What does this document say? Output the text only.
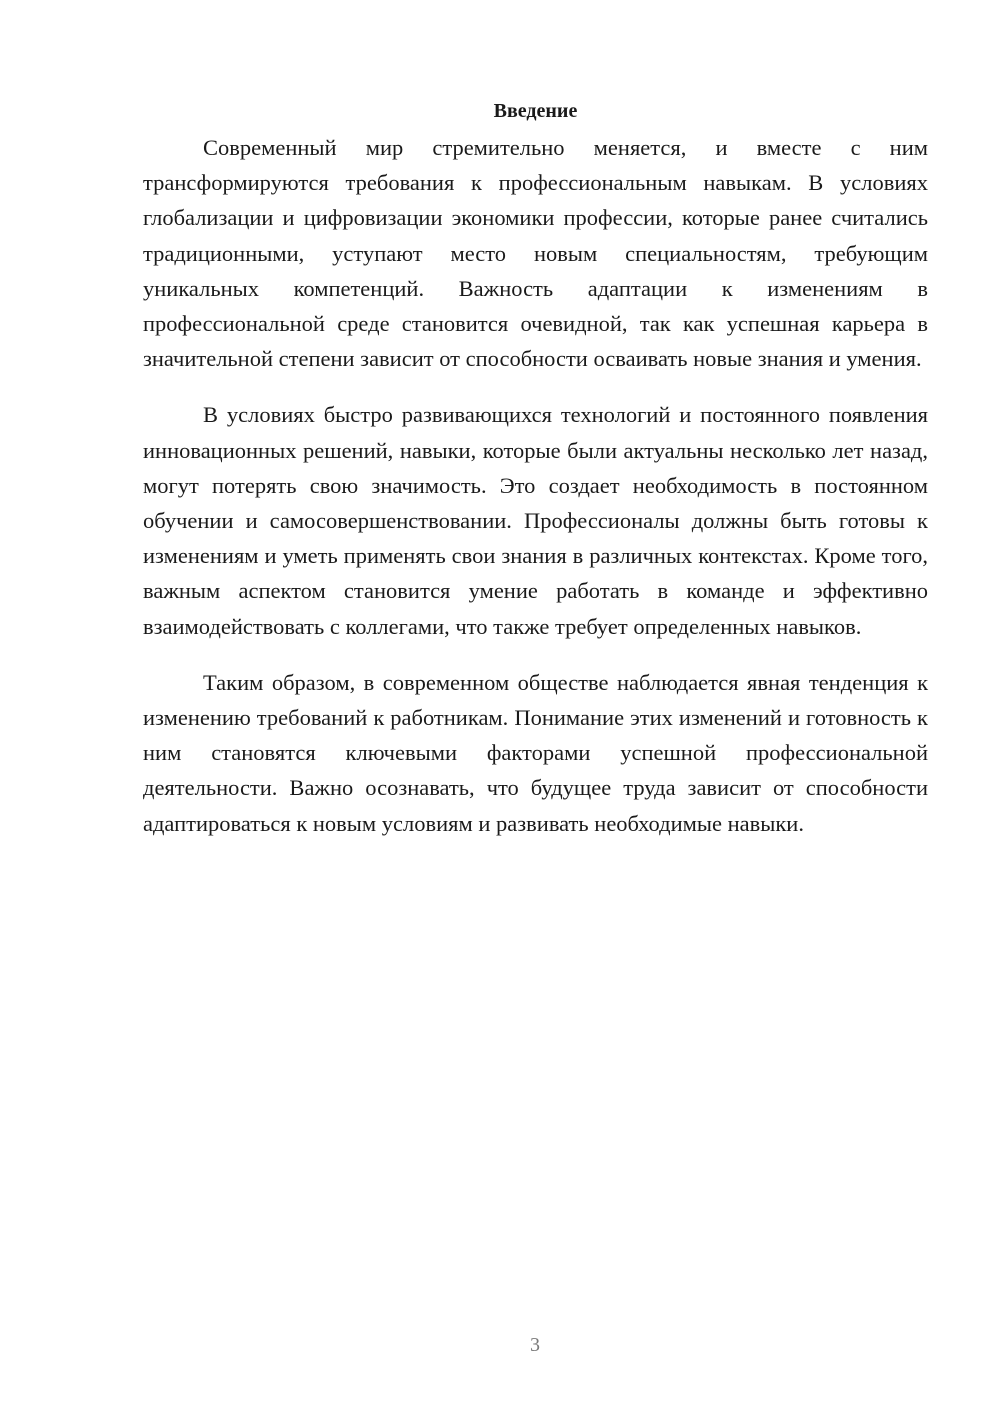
Введение

Современный мир стремительно меняется, и вместе с ним трансформируются требования к профессиональным навыкам. В условиях глобализации и цифровизации экономики профессии, которые ранее считались традиционными, уступают место новым специальностям, требующим уникальных компетенций. Важность адаптации к изменениям в профессиональной среде становится очевидной, так как успешная карьера в значительной степени зависит от способности осваивать новые знания и умения.

В условиях быстро развивающихся технологий и постоянного появления инновационных решений, навыки, которые были актуальны несколько лет назад, могут потерять свою значимость. Это создает необходимость в постоянном обучении и самосовершенствовании. Профессионалы должны быть готовы к изменениям и уметь применять свои знания в различных контекстах. Кроме того, важным аспектом становится умение работать в команде и эффективно взаимодействовать с коллегами, что также требует определенных навыков.

Таким образом, в современном обществе наблюдается явная тенденция к изменению требований к работникам. Понимание этих изменений и готовность к ним становятся ключевыми факторами успешной профессиональной деятельности. Важно осознавать, что будущее труда зависит от способности адаптироваться к новым условиям и развивать необходимые навыки.

3
